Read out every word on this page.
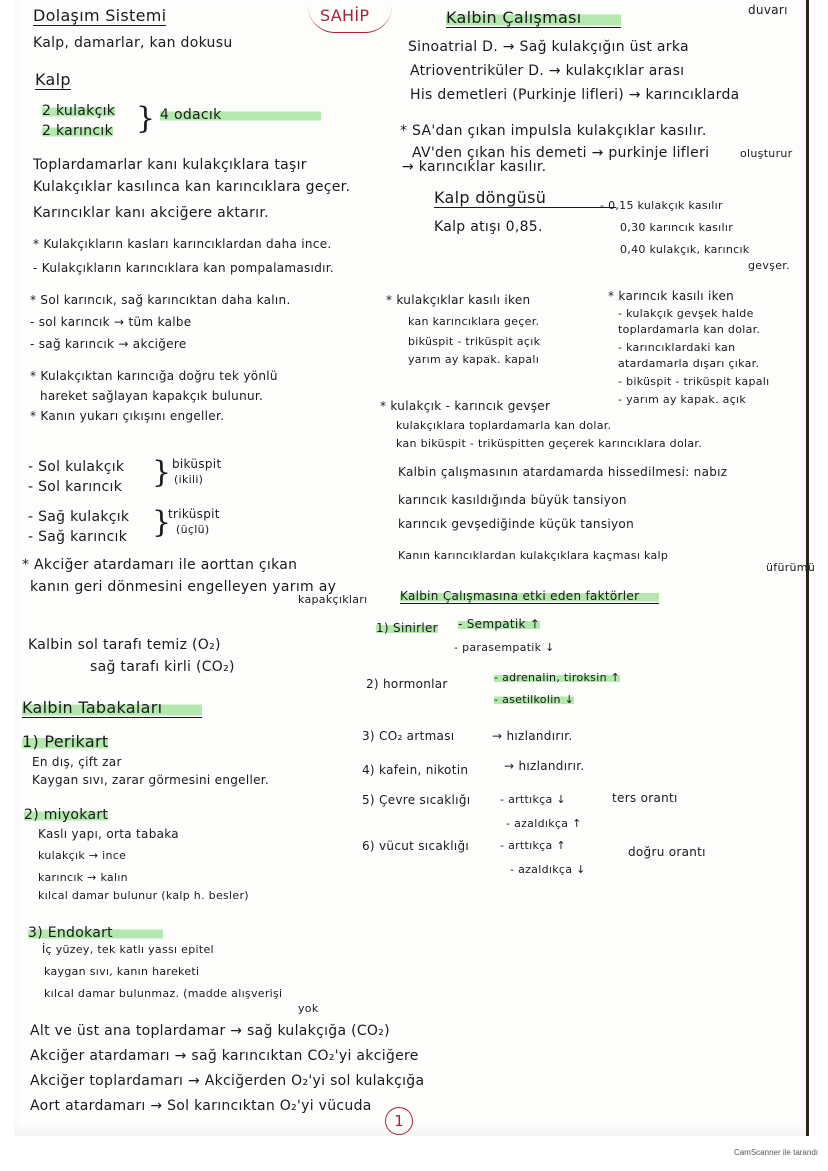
Dolaşım Sistemi
Kalp, damarlar, kan dokusu
SAHİP
Kalp
2 kulakçık
2 karıncık } 4 odacık
Toplardamarlar kanı kulakçıklara taşır
Kulakçıklar kasılınca kan karıncıklara geçer.
Karıncıklar kanı akciğere aktarır.
* Kulakçıkların kasları karıncıklardan daha ince.
- Kulakçıkların karıncıklara kan pompalamasıdır.
* Sol karıncık, sağ karıncıktan daha kalın.
- sol karıncık → tüm kalbe
- sağ karıncık → akciğere
* Kulakçıktan karıncığa doğru tek yönlü
hareket sağlayan kapakçık bulunur.
* Kanın yukarı çıkışını engeller.
- Sol kulakçık
- Sol karıncık } biküspit
(ikili)
- Sağ kulakçık
- Sağ karıncık }
triküspit
(üçlü)
* Akciğer atardamarı ile aorttan çıkan
kanın geri dönmesini engelleyen yarım ay
kapakçıkları
Kalbin sol tarafı temiz (O₂)
sağ tarafı kirli (CO₂)
Kalbin Tabakaları
1) Perikart
En dış, çift zar
Kaygan sıvı, zarar görmesini engeller.
2) miyokart
Kaslı yapı, orta tabaka
kulakçık → ince
karıncık → kalın
kılcal damar bulunur (kalp h. besler)
3) Endokart
İç yüzey, tek katlı yassı epitel
kaygan sıvı, kanın hareketi
kılcal damar bulunmaz. (madde alışverişi
yok
Alt ve üst ana toplardamar → sağ kulakçığa (CO₂)
Akciğer atardamarı → sağ karıncıktan CO₂'yi akciğere
Akciğer toplardamarı → Akciğerden O₂'yi sol kulakçığa
Aort atardamarı → Sol karıncıktan O₂'yi vücuda
1
Kalbin Çalışması	duvarı
Sinoatrial D. → Sağ kulakçığın üst arka
Atrioventriküler D. → kulakçıklar arası
His demetleri (Purkinje lifleri) → karıncıklarda
* SA'dan çıkan impulsla kulakçıklar kasılır.
AV'den çıkan his demeti → purkinje lifleri	oluşturur
→ karıncıklar kasılır.
Kalp döngüsü
Kalp atışı 0,85.
- 0,15 kulakçık kasılır
0,30 karıncık kasılır
0,40 kulakçık, karıncık
gevşer.
* kulakçıklar kasılı iken
kan karıncıklara geçer.
biküspit - triküspit açık
yarım ay kapak. kapalı
* karıncık kasılı iken
- kulakçık gevşek halde
toplardamarla kan dolar.
- karıncıklardaki kan
atardamarla dışarı çıkar.
- biküspit - triküspit kapalı
- yarım ay kapak. açık
* kulakçık - karıncık gevşer
kulakçıklara toplardamarla kan dolar.
kan biküspit - triküspitten geçerek karıncıklara dolar.
Kalbin çalışmasının atardamarda hissedilmesi: nabız
karıncık kasıldığında büyük tansiyon
karıncık gevşediğinde küçük tansiyon
Kanın karıncıklardan kulakçıklara kaçması kalp
üfürümü
Kalbin Çalışmasına etki eden faktörler
1) Sinirler - Sempatik ↑
- parasempatik ↓
2) hormonlar	- adrenalin, tiroksin ↑
- asetilkolin ↓
3) CO₂ artması	→ hızlandırır.
4) kafein, nikotin	→ hızlandırır.
5) Çevre sıcaklığı	- arttıkça ↓
- azaldıkça ↑
ters orantı
6) vücut sıcaklığı	- arttıkça ↑
- azaldıkça ↓
doğru orantı
CamScanner ile tarandı
